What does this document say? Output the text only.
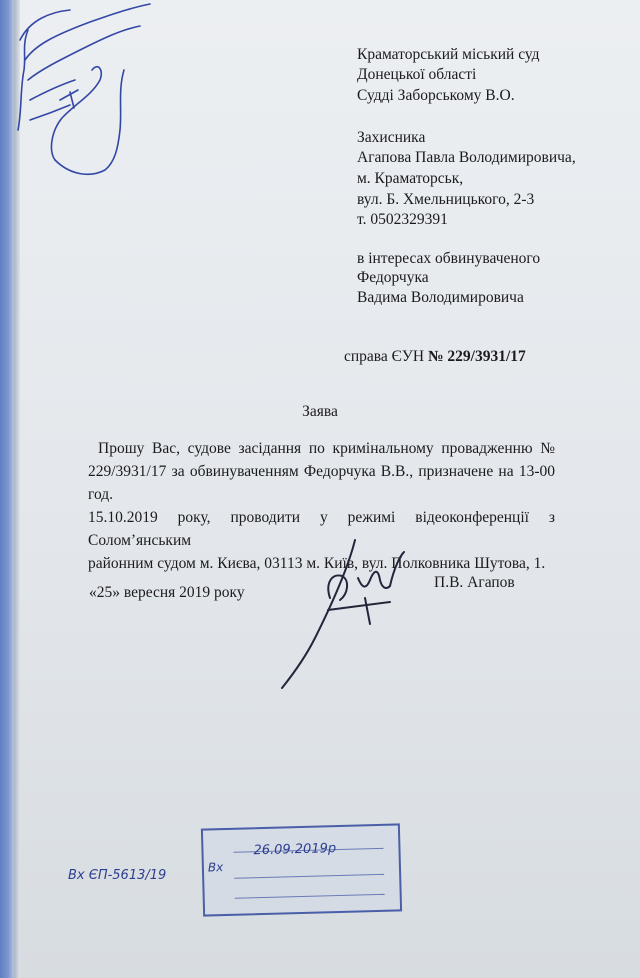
Краматорський міський суд
Донецької області
Судді Заборському В.О.
Захисника
Агапова Павла Володимировича,
м. Краматорськ,
вул. Б. Хмельницького, 2-3
т. 0502329391
в інтересах обвинуваченого
Федорчука
Вадима Володимировича
справа ЄУН № 229/3931/17
Заява
Прошу Вас, судове засідання по кримінальному провадженню №
229/3931/17 за обвинуваченням Федорчука В.В., призначене на 13-00 год.
15.10.2019 року, проводити у режимі відеоконференції з Солом’янським
районним судом м. Києва, 03113 м. Київ, вул. Полковника Шутова, 1.
«25» вересня 2019 року
П.В. Агапов
Вх ЄП-5613/19
Вх
26.09.2019р
